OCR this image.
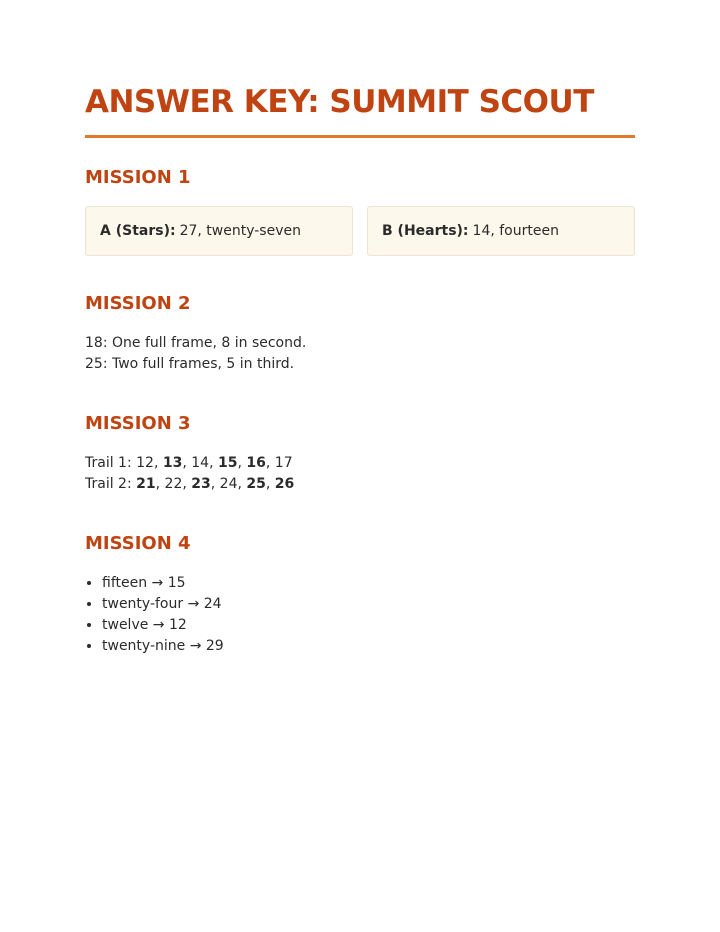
ANSWER KEY: SUMMIT SCOUT
MISSION 1
A (Stars): 27, twenty-seven	B (Hearts): 14, fourteen
MISSION 2
18: One full frame, 8 in second.
25: Two full frames, 5 in third.
MISSION 3
Trail 1: 12, 13, 14, 15, 16, 17
Trail 2: 21, 22, 23, 24, 25, 26
MISSION 4
• fifteen → 15
• twenty-four → 24
• twelve → 12
• twenty-nine → 29
